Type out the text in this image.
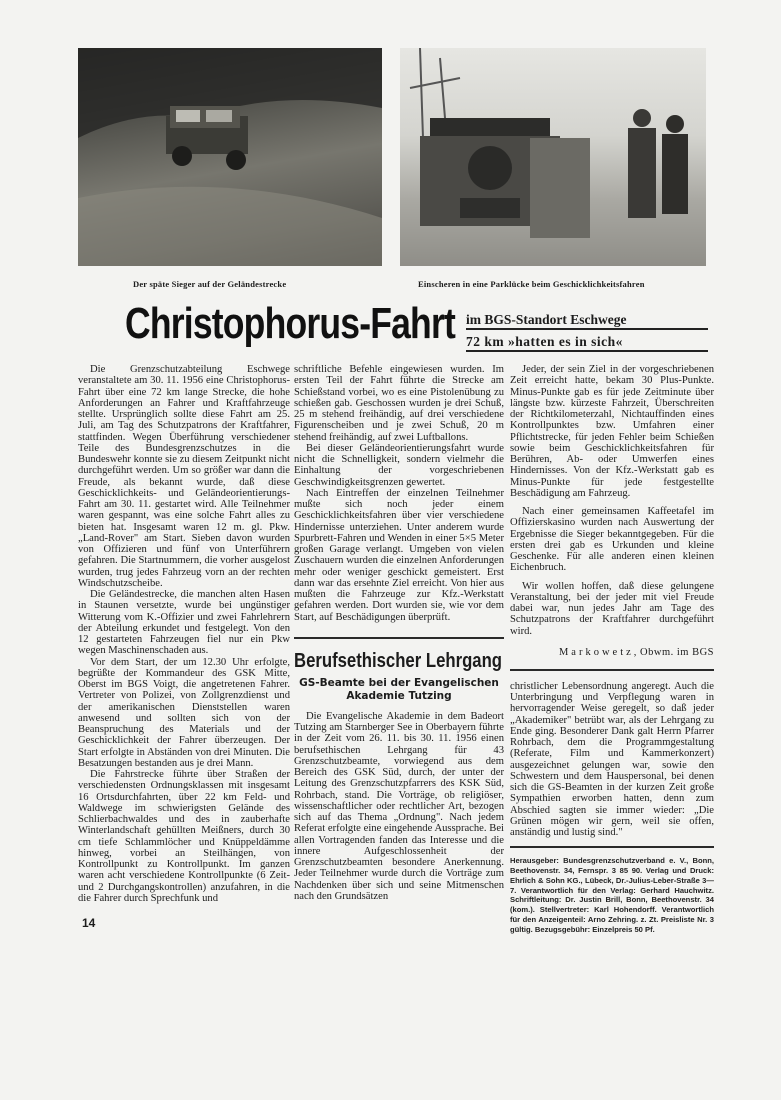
Der späte Sieger auf der Geländestrecke	Einscheren in eine Parklücke beim Geschicklichkeitsfahren
Christophorus-Fahrt im BGS-Standort Eschwege
72 km »hatten es in sich«

Die Grenzschutzabteilung Eschwege veranstaltete am 30. 11. 1956 eine Christophorus-Fahrt über eine 72 km lange Strecke, die hohe Anforderungen an Fahrer und Kraftfahrzeuge stellte. Ursprünglich sollte diese Fahrt am 25. Juli, am Tag des Schutzpatrons der Kraftfahrer, stattfinden. Wegen Überführung verschiedener Teile des Bundesgrenzschutzes in die Bundeswehr konnte sie zu diesem Zeitpunkt nicht durchgeführt werden. Um so größer war dann die Freude, als bekannt wurde, daß diese Geschicklichkeits- und Geländeorientierungs-Fahrt am 30. 11. gestartet wird. Alle Teilnehmer waren gespannt, was eine solche Fahrt alles zu bieten hat. Insgesamt waren 12 m. gl. Pkw. „Land-Rover" am Start. Sieben davon wurden von Offizieren und fünf von Unterführern gefahren. Die Startnummern, die vorher ausgelost wurden, trug jedes Fahrzeug vorn an der rechten Windschutzscheibe.

Die Geländestrecke, die manchen alten Hasen in Staunen versetzte, wurde bei ungünstiger Witterung vom K.-Offizier und zwei Fahrlehrern der Abteilung erkundet und festgelegt. Von den 12 gestarteten Fahrzeugen fiel nur ein Pkw wegen Maschinenschaden aus.

Vor dem Start, der um 12.30 Uhr erfolgte, begrüßte der Kommandeur des GSK Mitte, Oberst im BGS Voigt, die angetretenen Fahrer. Vertreter von Polizei, von Zollgrenzdienst und der amerikanischen Dienststellen waren anwesend und sollten sich von der Beanspruchung des Materials und der Geschicklichkeit der Fahrer überzeugen. Der Start erfolgte in Abständen von drei Minuten. Die Besatzungen bestanden aus je drei Mann.

Die Fahrstrecke führte über Straßen der verschiedensten Ordnungsklassen mit insgesamt 16 Ortsdurchfahrten, über 22 km Feld- und Waldwege im schwierigsten Gelände des Schlierbachwaldes und des in zauberhafte Winterlandschaft gehüllten Meißners, durch 30 cm tiefe Schlammlöcher und Knüppeldämme hinweg, vorbei an Steilhängen, von Kontrollpunkt zu Kontrollpunkt. Im ganzen waren acht verschiedene Kontrollpunkte (6 Zeit- und 2 Durchgangskontrollen) anzufahren, in die die Fahrer durch Sprechfunk und

14

schriftliche Befehle eingewiesen wurden. Im ersten Teil der Fahrt führte die Strecke am Schießstand vorbei, wo es eine Pistolenübung zu schießen gab. Geschossen wurden je drei Schuß, 25 m stehend freihändig, auf drei verschiedene Figurenscheiben und je zwei Schuß, 20 m stehend freihändig, auf zwei Luftballons.

Bei dieser Geländeorientierungsfahrt wurde nicht die Schnelligkeit, sondern vielmehr die Einhaltung der vorgeschriebenen Geschwindigkeitsgrenzen gewertet.

Nach Eintreffen der einzelnen Teilnehmer mußte sich noch jeder einem Geschicklichkeitsfahren über vier verschiedene Hindernisse unterziehen. Unter anderem wurde Spurbrett-Fahren und Wenden in einer 5×5 Meter großen Garage verlangt. Umgeben von vielen Zuschauern wurden die einzelnen Anforderungen mehr oder weniger geschickt gemeistert. Erst dann war das ersehnte Ziel erreicht. Von hier aus mußten die Fahrzeuge zur Kfz.-Werkstatt gefahren werden. Dort wurden sie, wie vor dem Start, auf Beschädigungen überprüft.

Berufsethischer Lehrgang
GS-Beamte bei der Evangelischen Akademie Tutzing

Die Evangelische Akademie in dem Badeort Tutzing am Starnberger See in Oberbayern führte in der Zeit vom 26. 11. bis 30. 11. 1956 einen berufsethischen Lehrgang für 43 Grenzschutzbeamte, vorwiegend aus dem Bereich des GSK Süd, durch, der unter der Leitung des Grenzschutzpfarrers des KSK Süd, Rohrbach, stand. Die Vorträge, ob religiöser, wissenschaftlicher oder rechtlicher Art, bezogen sich auf das Thema „Ordnung". Nach jedem Referat erfolgte eine eingehende Aussprache. Bei allen Vortragenden fanden das Interesse und die innere Aufgeschlossenheit der Grenzschutzbeamten besondere Anerkennung. Jeder Teilnehmer wurde durch die Vorträge zum Nachdenken über sich und seine Mitmenschen nach den Grundsätzen

Jeder, der sein Ziel in der vorgeschriebenen Zeit erreicht hatte, bekam 30 Plus-Punkte. Minus-Punkte gab es für jede Zeitminute über längste bzw. kürzeste Fahrzeit, Überschreiten der Richtkilometerzahl, Nichtauffinden eines Kontrollpunktes bzw. Umfahren einer Pflichtstrecke, für jeden Fehler beim Schießen sowie beim Geschicklichkeitsfahren für Berühren, Ab- oder Umwerfen eines Hindernisses. Von der Kfz.-Werkstatt gab es Minus-Punkte für jede festgestellte Beschädigung am Fahrzeug.

Nach einer gemeinsamen Kaffeetafel im Offizierskasino wurden nach Auswertung der Ergebnisse die Sieger bekanntgegeben. Für die ersten drei gab es Urkunden und kleine Geschenke. Für alle anderen einen kleinen Eichenbruch.

Wir wollen hoffen, daß diese gelungene Veranstaltung, bei der jeder mit viel Freude dabei war, nun jedes Jahr am Tage des Schutzpatrons der Kraftfahrer durchgeführt wird.

Markowetz, Obwm. im BGS

christlicher Lebensordnung angeregt. Auch die Unterbringung und Verpflegung waren in hervorragender Weise geregelt, so daß jeder „Akademiker" betrübt war, als der Lehrgang zu Ende ging. Besonderer Dank galt Herrn Pfarrer Rohrbach, dem die Programmgestaltung (Referate, Film und Kammerkonzert) ausgezeichnet gelungen war, sowie den Schwestern und dem Hauspersonal, bei denen sich die GS-Beamten in der kurzen Zeit große Sympathien erworben hatten, denn zum Abschied sagten sie immer wieder: „Die Grünen mögen wir gern, weil sie offen, anständig und lustig sind."

Herausgeber: Bundesgrenzschutzverband e. V., Bonn, Beethovenstr. 34, Fernspr. 3 85 90. Verlag und Druck: Ehrlich & Sohn KG., Lübeck, Dr.-Julius-Leber-Straße 3—7. Verantwortlich für den Verlag: Gerhard Hauchwitz. Schriftleitung: Dr. Justin Brill, Bonn, Beethovenstr. 34 (kom.). Stellvertreter: Karl Hohendorff. Verantwortlich für den Anzeigenteil: Arno Zehring. z. Zt. Preisliste Nr. 3 gültig. Bezugsgebühr: Einzelpreis 50 Pf.
